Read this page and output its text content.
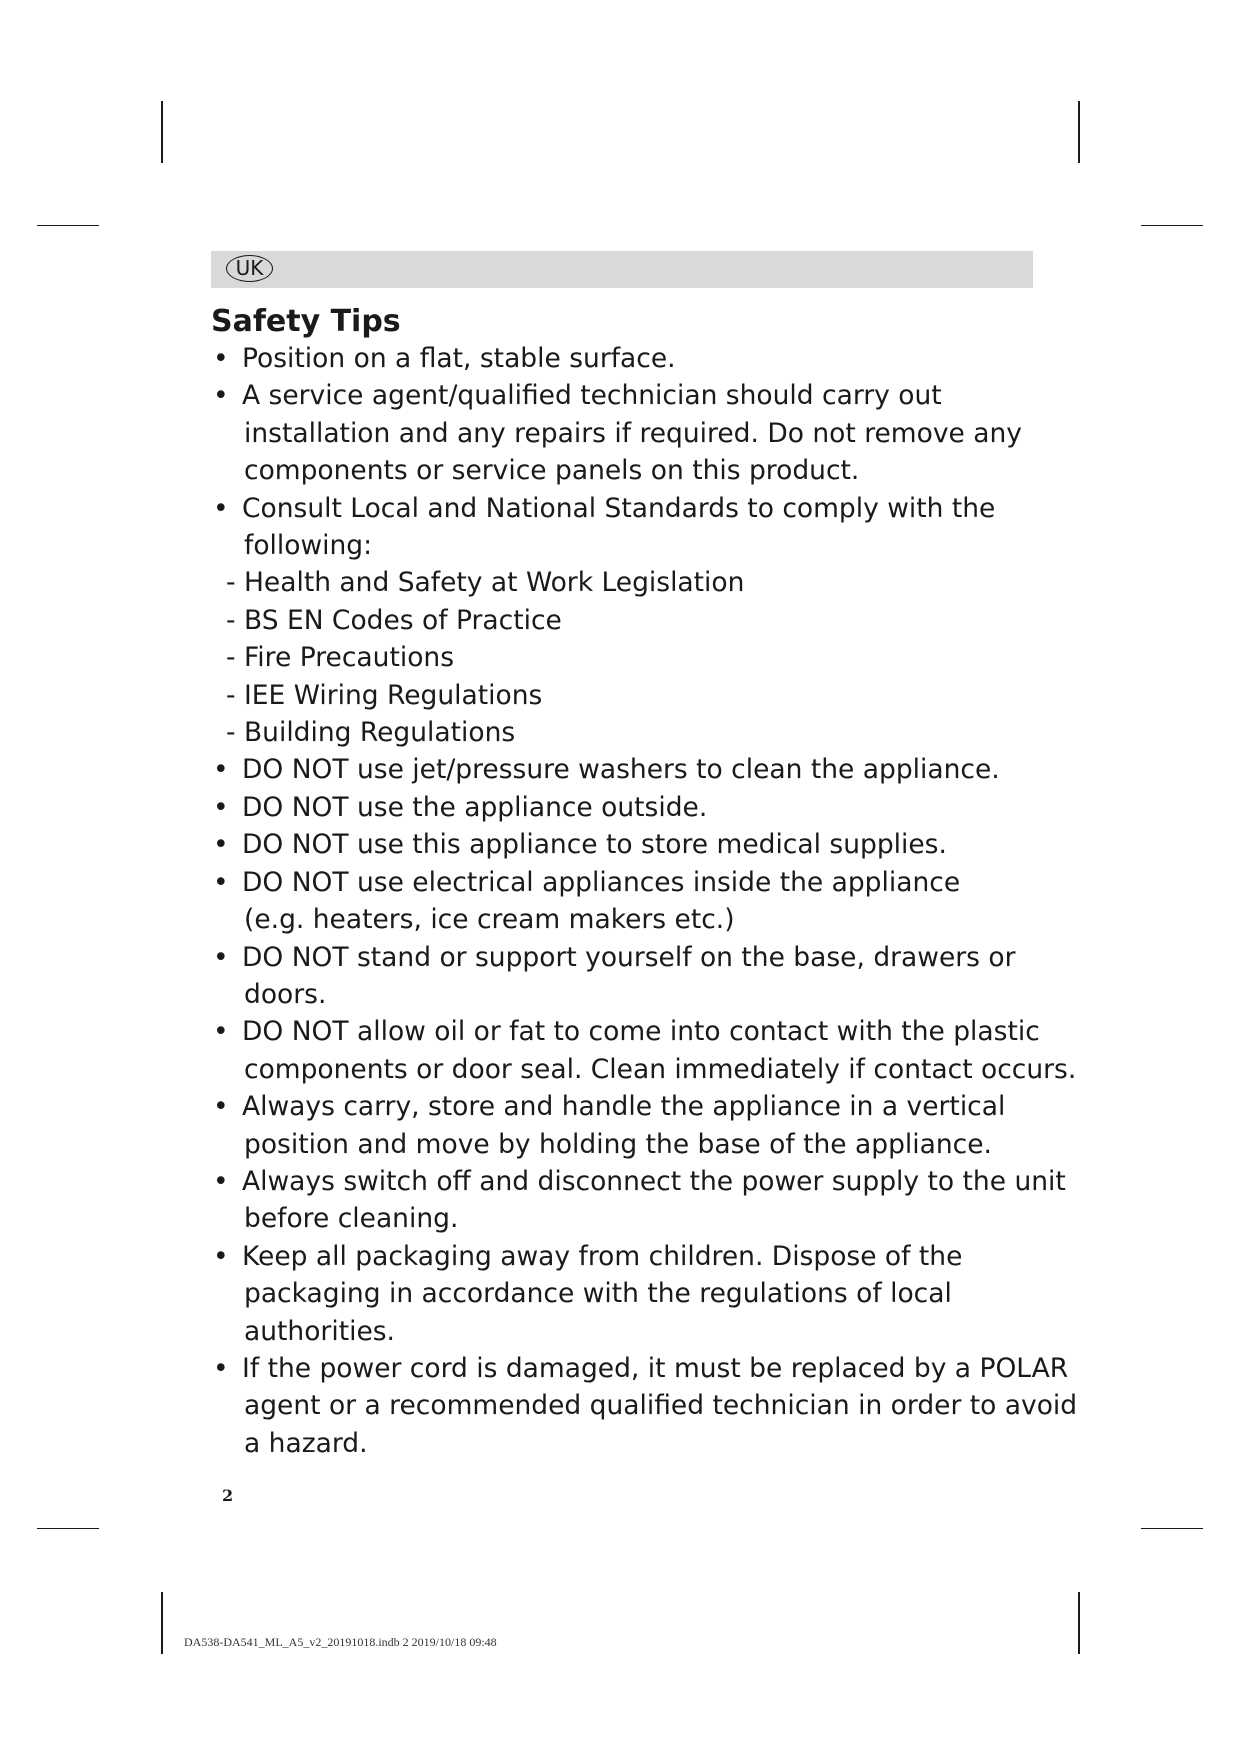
UK
Safety Tips
• Position on a flat, stable surface.
• A service agent/qualified technician should carry out
installation and any repairs if required. Do not remove any
components or service panels on this product.
• Consult Local and National Standards to comply with the
following:
- Health and Safety at Work Legislation
- BS EN Codes of Practice
- Fire Precautions
- IEE Wiring Regulations
- Building Regulations
• DO NOT use jet/pressure washers to clean the appliance.
• DO NOT use the appliance outside.
• DO NOT use this appliance to store medical supplies.
• DO NOT use electrical appliances inside the appliance
(e.g. heaters, ice cream makers etc.)
• DO NOT stand or support yourself on the base, drawers or
doors.
• DO NOT allow oil or fat to come into contact with the plastic
components or door seal. Clean immediately if contact occurs.
• Always carry, store and handle the appliance in a vertical
position and move by holding the base of the appliance.
• Always switch off and disconnect the power supply to the unit
before cleaning.
• Keep all packaging away from children. Dispose of the
packaging in accordance with the regulations of local
authorities.
• If the power cord is damaged, it must be replaced by a POLAR
agent or a recommended qualified technician in order to avoid
a hazard.
2
DA538-DA541_ML_A5_v2_20191018.indb 2 2019/10/18 09:48
